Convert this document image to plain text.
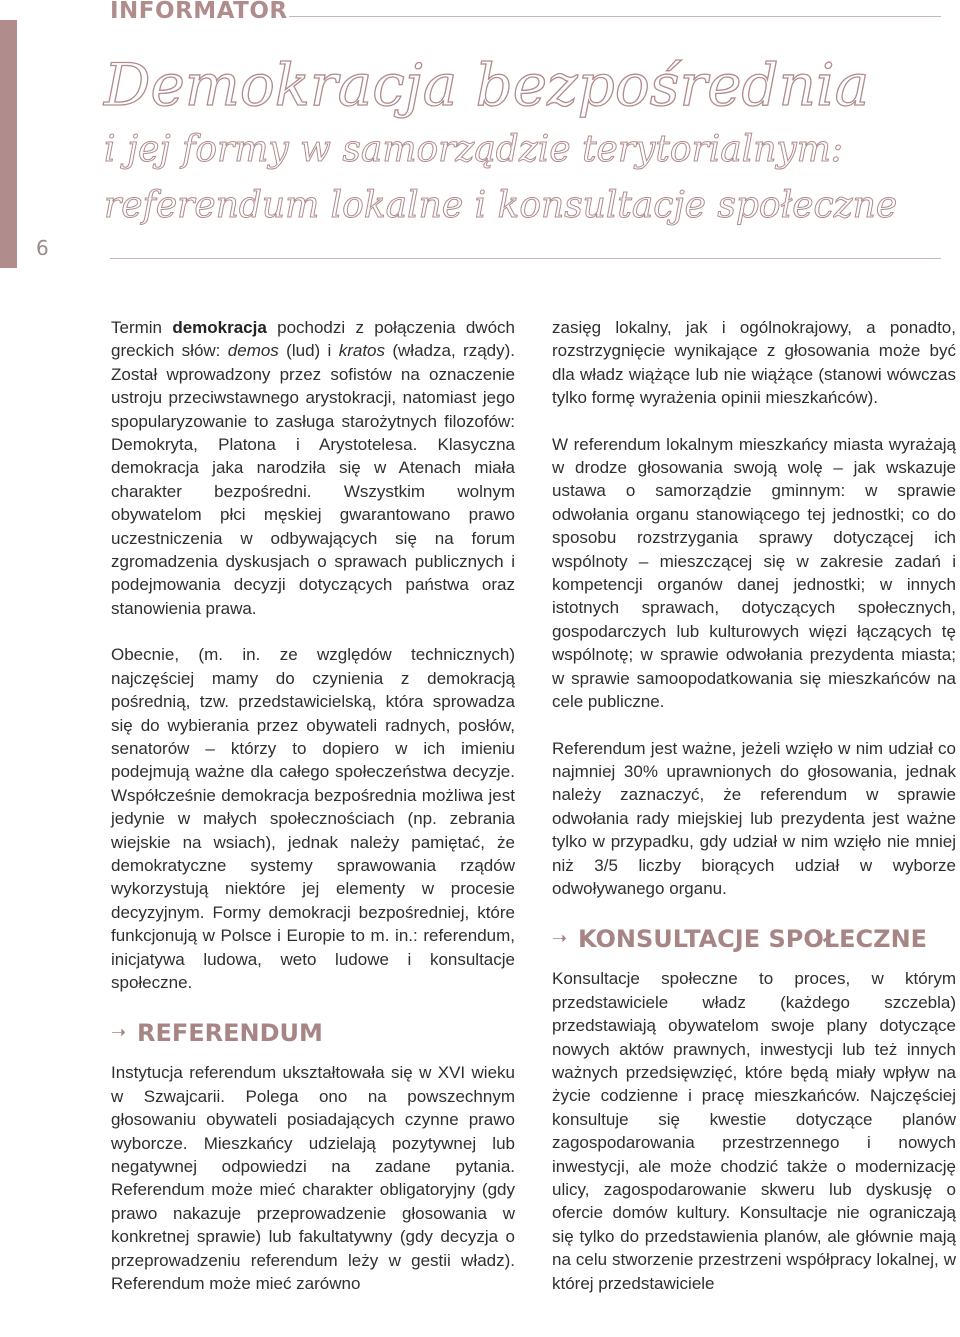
INFORMATOR
Demokracja bezpośrednia
i jej formy w samorządzie terytorialnym:
referendum lokalne i konsultacje społeczne
6

Termin demokracja pochodzi z połączenia dwóch greckich słów: demos (lud) i kratos (władza, rządy). Został wprowadzony przez sofistów na oznaczenie ustroju przeciwstawnego arystokracji, natomiast jego spopularyzowanie to zasługa starożytnych filozofów: Demokryta, Platona i Arystotelesa. Klasyczna demokracja jaka narodziła się w Atenach miała charakter bezpośredni. Wszystkim wolnym obywatelom płci męskiej gwarantowano prawo uczestniczenia w odbywających się na forum zgromadzenia dyskusjach o sprawach publicznych i podejmowania decyzji dotyczących państwa oraz stanowienia prawa.

Obecnie, (m. in. ze względów technicznych) najczęściej mamy do czynienia z demokracją pośrednią, tzw. przedstawicielską, która sprowadza się do wybierania przez obywateli radnych, posłów, senatorów – którzy to dopiero w ich imieniu podejmują ważne dla całego społeczeństwa decyzje. Współcześnie demokracja bezpośrednia możliwa jest jedynie w małych społecznościach (np. zebrania wiejskie na wsiach), jednak należy pamiętać, że demokratyczne systemy sprawowania rządów wykorzystują niektóre jej elementy w procesie decyzyjnym. Formy demokracji bezpośredniej, które funkcjonują w Polsce i Europie to m. in.: referendum, inicjatywa ludowa, weto ludowe i konsultacje społeczne.

➝ REFERENDUM

Instytucja referendum ukształtowała się w XVI wieku w Szwajcarii. Polega ono na powszechnym głosowaniu obywateli posiadających czynne prawo wyborcze. Mieszkańcy udzielają pozytywnej lub negatywnej odpowiedzi na zadane pytania. Referendum może mieć charakter obligatoryjny (gdy prawo nakazuje przeprowadzenie głosowania w konkretnej sprawie) lub fakultatywny (gdy decyzja o przeprowadzeniu referendum leży w gestii władz). Referendum może mieć zarówno

zasięg lokalny, jak i ogólnokrajowy, a ponadto, rozstrzygnięcie wynikające z głosowania może być dla władz wiążące lub nie wiążące (stanowi wówczas tylko formę wyrażenia opinii mieszkańców).

W referendum lokalnym mieszkańcy miasta wyrażają w drodze głosowania swoją wolę – jak wskazuje ustawa o samorządzie gminnym: w sprawie odwołania organu stanowiącego tej jednostki; co do sposobu rozstrzygania sprawy dotyczącej ich wspólnoty – mieszczącej się w zakresie zadań i kompetencji organów danej jednostki; w innych istotnych sprawach, dotyczących społecznych, gospodarczych lub kulturowych więzi łączących tę wspólnotę; w sprawie odwołania prezydenta miasta; w sprawie samoopodatkowania się mieszkańców na cele publiczne.

Referendum jest ważne, jeżeli wzięło w nim udział co najmniej 30% uprawnionych do głosowania, jednak należy zaznaczyć, że referendum w sprawie odwołania rady miejskiej lub prezydenta jest ważne tylko w przypadku, gdy udział w nim wzięło nie mniej niż 3/5 liczby biorących udział w wyborze odwoływanego organu.

➝ KONSULTACJE SPOŁECZNE

Konsultacje społeczne to proces, w którym przedstawiciele władz (każdego szczebla) przedstawiają obywatelom swoje plany dotyczące nowych aktów prawnych, inwestycji lub też innych ważnych przedsięwzięć, które będą miały wpływ na życie codzienne i pracę mieszkańców. Najczęściej konsultuje się kwestie dotyczące planów zagospodarowania przestrzennego i nowych inwestycji, ale może chodzić także o modernizację ulicy, zagospodarowanie skweru lub dyskusję o ofercie domów kultury. Konsultacje nie ograniczają się tylko do przedstawienia planów, ale głównie mają na celu stworzenie przestrzeni współpracy lokalnej, w której przedstawiciele
